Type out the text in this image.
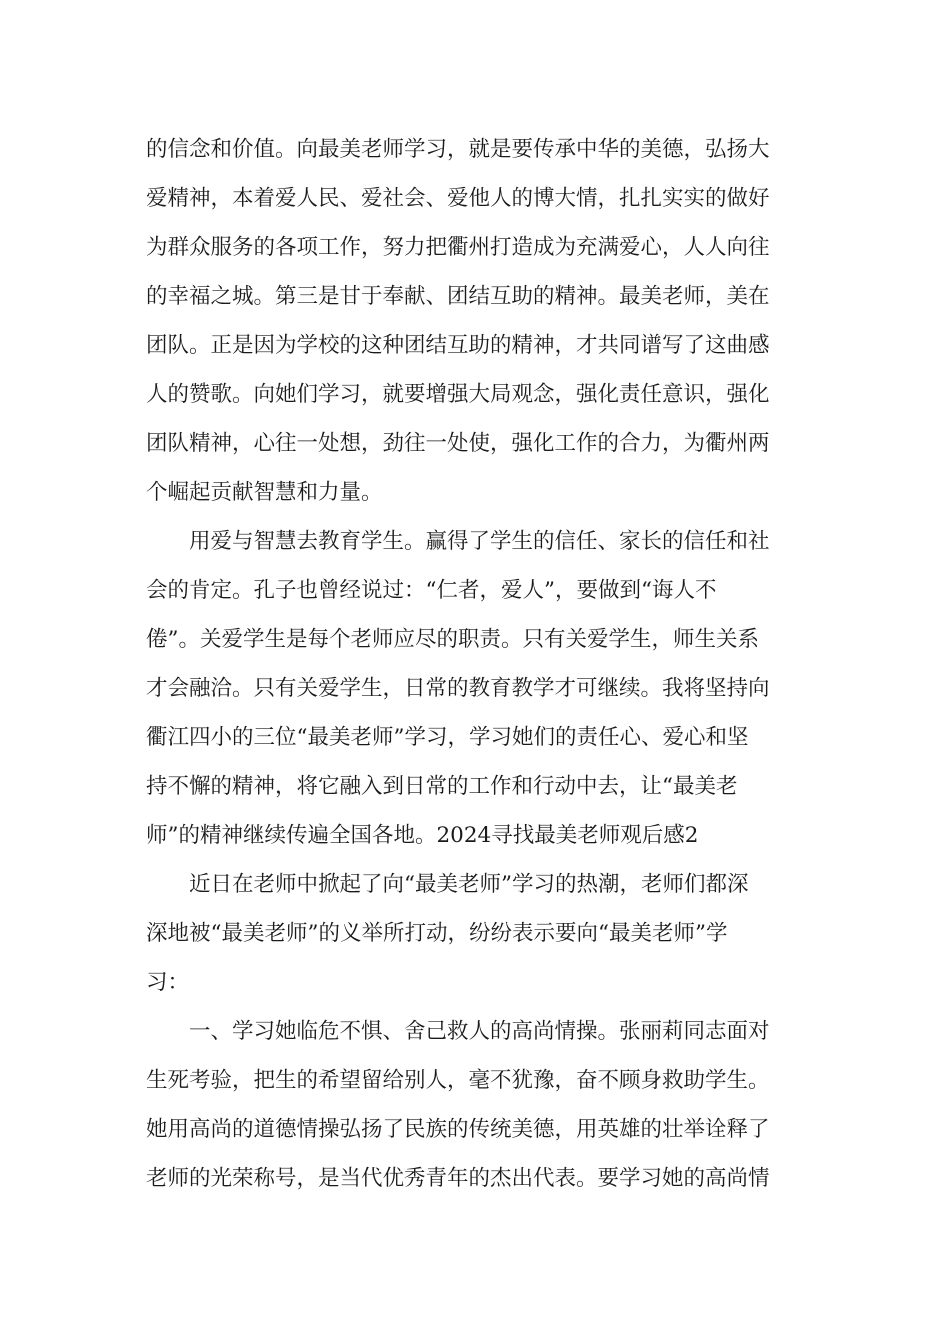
的信念和价值。向最美老师学习，就是要传承中华的美德，弘扬大
爱精神，本着爱人民、爱社会、爱他人的博大情，扎扎实实的做好
为群众服务的各项工作，努力把衢州打造成为充满爱心，人人向往
的幸福之城。第三是甘于奉献、团结互助的精神。最美老师，美在
团队。正是因为学校的这种团结互助的精神，才共同谱写了这曲感
人的赞歌。向她们学习，就要增强大局观念，强化责任意识，强化
团队精神，心往一处想，劲往一处使，强化工作的合力，为衢州两
个崛起贡献智慧和力量。
用爱与智慧去教育学生。赢得了学生的信任、家长的信任和社
会的肯定。孔子也曾经说过：“仁者，爱人”，要做到“诲人不
倦”。关爱学生是每个老师应尽的职责。只有关爱学生，师生关系
才会融洽。只有关爱学生，日常的教育教学才可继续。我将坚持向
衢江四小的三位“最美老师”学习，学习她们的责任心、爱心和坚
持不懈的精神，将它融入到日常的工作和行动中去，让“最美老
师”的精神继续传遍全国各地。2024寻找最美老师观后感2
近日在老师中掀起了向“最美老师”学习的热潮，老师们都深
深地被“最美老师”的义举所打动，纷纷表示要向“最美老师”学
习：
一、学习她临危不惧、舍己救人的高尚情操。张丽莉同志面对
生死考验，把生的希望留给别人，毫不犹豫，奋不顾身救助学生。
她用高尚的道德情操弘扬了民族的传统美德，用英雄的壮举诠释了
老师的光荣称号，是当代优秀青年的杰出代表。要学习她的高尚情
